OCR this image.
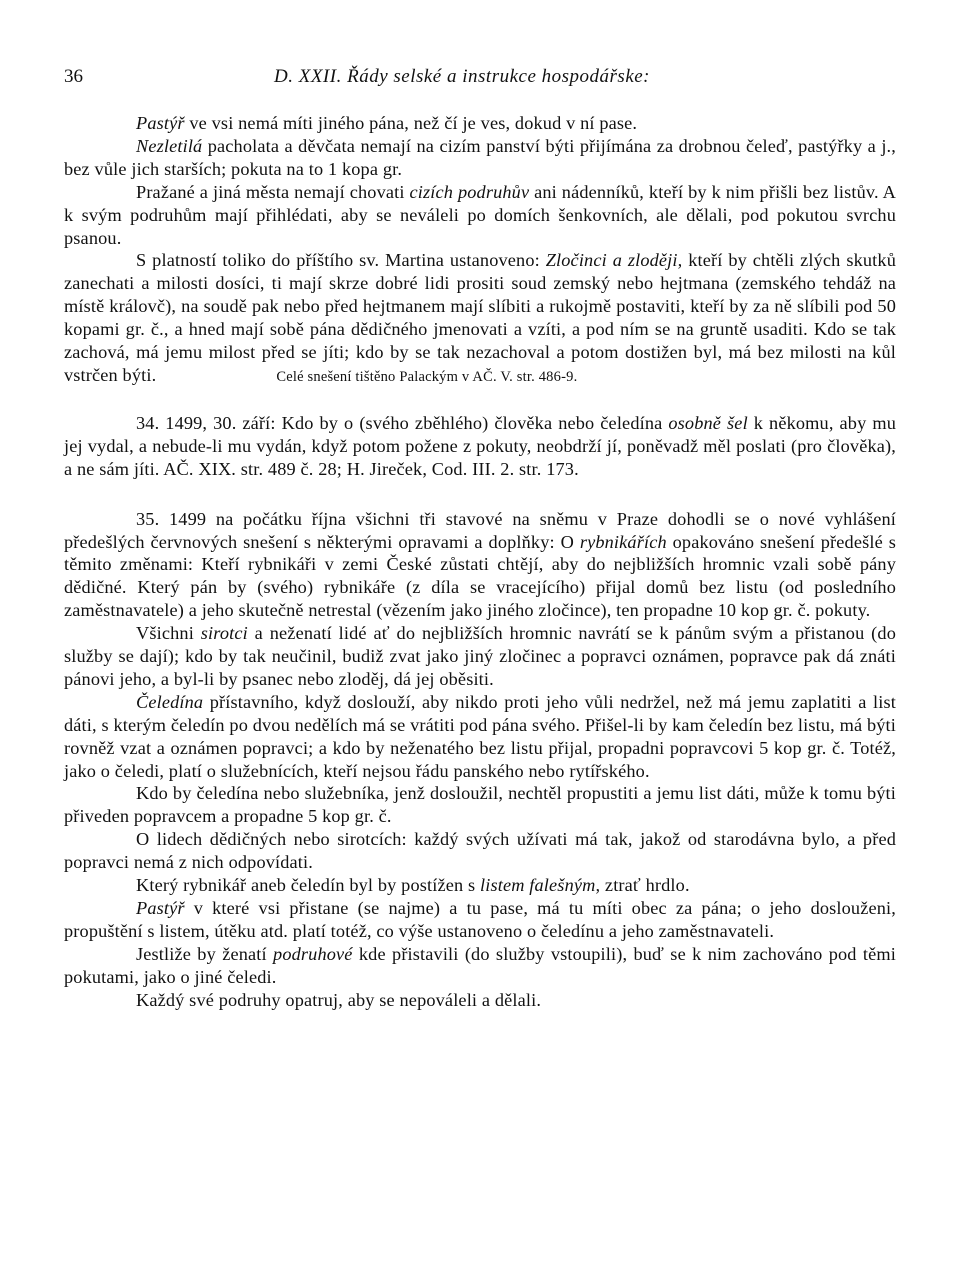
36	D. XXII. Řády selské a instrukce hospodářske:

Pastýř ve vsi nemá míti jiného pána, než čí je ves, dokud v ní pase.

Nezletilá pacholata a děvčata nemají na cizím panství býti přijímána za drobnou čeleď, pastýřky a j., bez vůle jich starších; pokuta na to 1 kopa gr.

Pražané a jiná města nemají chovati cizích podruhův ani nádenníků, kteří by k nim přišli bez listův. A k svým podruhům mají přihlédati, aby se neváleli po domích šenkovních, ale dělali, pod pokutou svrchu psanou.

S platností toliko do příštího sv. Martina ustanoveno: Zločinci a zloději, kteří by chtěli zlých skutků zanechati a milosti dosíci, ti mají skrze dobré lidi prositi soud zemský nebo hejtmana (zemského tehdáž na místě královč), na soudě pak nebo před hejtmanem mají slíbiti a rukojmě postaviti, kteří by za ně slíbili pod 50 kopami gr. č., a hned mají sobě pána dědičného jmenovati a vzíti, a pod ním se na gruntě usaditi. Kdo se tak zachová, má jemu milost před se jíti; kdo by se tak nezachoval a potom dostižen byl, má bez milosti na kůl vstrčen býti.	Celé snešení tištěno Palackým v AČ. V. str. 486-9.

34. 1499, 30. září: Kdo by o (svého zběhlého) člověka nebo čeledína osobně šel k někomu, aby mu jej vydal, a nebude-li mu vydán, když potom požene z pokuty, neobdrží jí, poněvadž měl poslati (pro člověka), a ne sám jíti. AČ. XIX. str. 489 č. 28; H. Jireček, Cod. III. 2. str. 173.

35. 1499 na počátku října všichni tři stavové na sněmu v Praze dohodli se o nové vyhlášení předešlých červnových snešení s některými opravami a doplňky: O rybnikářích opakováno snešení předešlé s těmito změnami: Kteří rybnikáři v zemi České zůstati chtějí, aby do nejbližších hromnic vzali sobě pány dědičné. Který pán by (svého) rybnikáře (z díla se vracejícího) přijal domů bez listu (od posledního zaměstnavatele) a jeho skutečně netrestal (vězením jako jiného zločince), ten propadne 10 kop gr. č. pokuty.

Všichni sirotci a neženatí lidé ať do nejbližších hromnic navrátí se k pánům svým a přistanou (do služby se dají); kdo by tak neučinil, budiž zvat jako jiný zločinec a popravci oznámen, popravce pak dá znáti pánovi jeho, a byl-li by psanec nebo zloděj, dá jej oběsiti.

Čeledína přístavního, když doslouží, aby nikdo proti jeho vůli nedržel, než má jemu zaplatiti a list dáti, s kterým čeledín po dvou nedělích má se vrátiti pod pána svého. Přišel-li by kam čeledín bez listu, má býti rovněž vzat a oznámen popravci; a kdo by neženatého bez listu přijal, propadni popravcovi 5 kop gr. č. Totéž, jako o čeledi, platí o služebnících, kteří nejsou řádu panského nebo rytířského.

Kdo by čeledína nebo služebníka, jenž dosloužil, nechtěl propustiti a jemu list dáti, může k tomu býti přiveden popravcem a propadne 5 kop gr. č.

O lidech dědičných nebo sirotcích: každý svých užívati má tak, jakož od starodávna bylo, a před popravci nemá z nich odpovídati.

Který rybnikář aneb čeledín byl by postížen s listem falešným, ztrať hrdlo.

Pastýř v které vsi přistane (se najme) a tu pase, má tu míti obec za pána; o jeho doslouženi, propuštění s listem, útěku atd. platí totéž, co výše ustanoveno o čeledínu a jeho zaměstnavateli.

Jestliže by ženatí podruhové kde přistavili (do služby vstoupili), buď se k nim zachováno pod těmi pokutami, jako o jiné čeledi.

Každý své podruhy opatruj, aby se nepováleli a dělali.
